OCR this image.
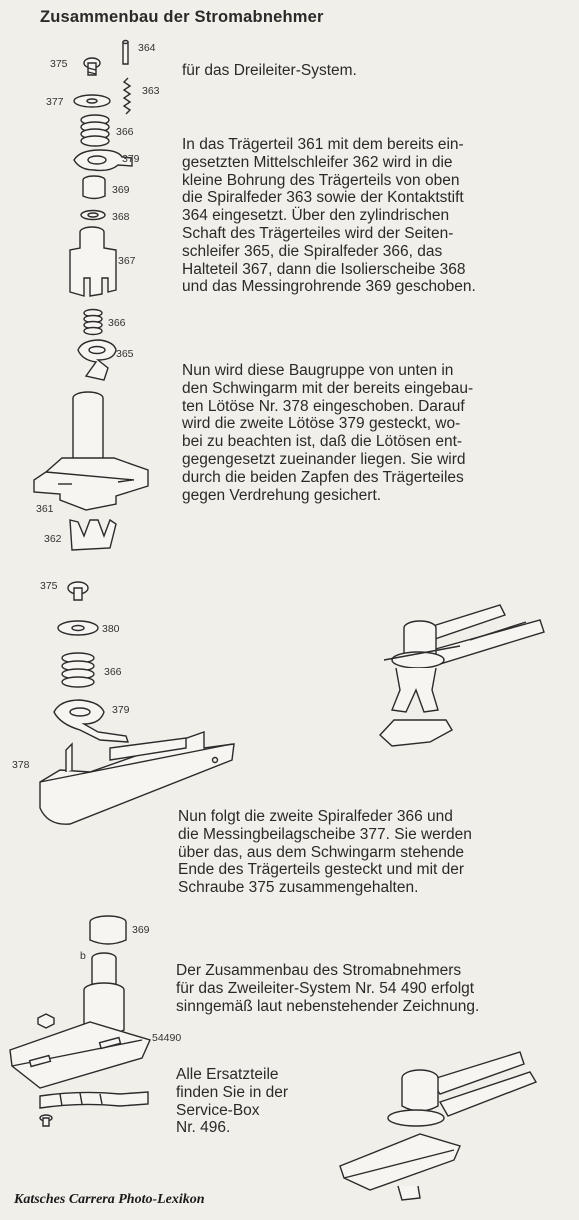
Zusammenbau der Stromabnehmer

für das Dreileiter-System.

In das Trägerteil 361 mit dem bereits ein-
gesetzten Mittelschleifer 362 wird in die
kleine Bohrung des Trägerteils von oben
die Spiralfeder 363 sowie der Kontaktstift
364 eingesetzt. Über den zylindrischen
Schaft des Trägerteiles wird der Seiten-
schleifer 365, die Spiralfeder 366, das
Halteteil 367, dann die Isolierscheibe 368
und das Messingrohrende 369 geschoben.

Nun wird diese Baugruppe von unten in
den Schwingarm mit der bereits eingebau-
ten Lötöse Nr. 378 eingeschoben. Darauf
wird die zweite Lötöse 379 gesteckt, wo-
bei zu beachten ist, daß die Lötösen ent-
gegengesetzt zueinander liegen. Sie wird
durch die beiden Zapfen des Trägerteiles
gegen Verdrehung gesichert.

Nun folgt die zweite Spiralfeder 366 und
die Messingbeilagscheibe 377. Sie werden
über das, aus dem Schwingarm stehende
Ende des Trägerteils gesteckt und mit der
Schraube 375 zusammengehalten.

Der Zusammenbau des Stromabnehmers
für das Zweileiter-System Nr. 54 490 erfolgt
sinngemäß laut nebenstehender Zeichnung.

Alle Ersatzteile
finden Sie in der
Service-Box
Nr. 496.

375
364
363
377
366
379
369
368
367
366
365
361
362
375
380
366
379
378
369
b
54490
Katsches Carrera Photo-Lexikon
